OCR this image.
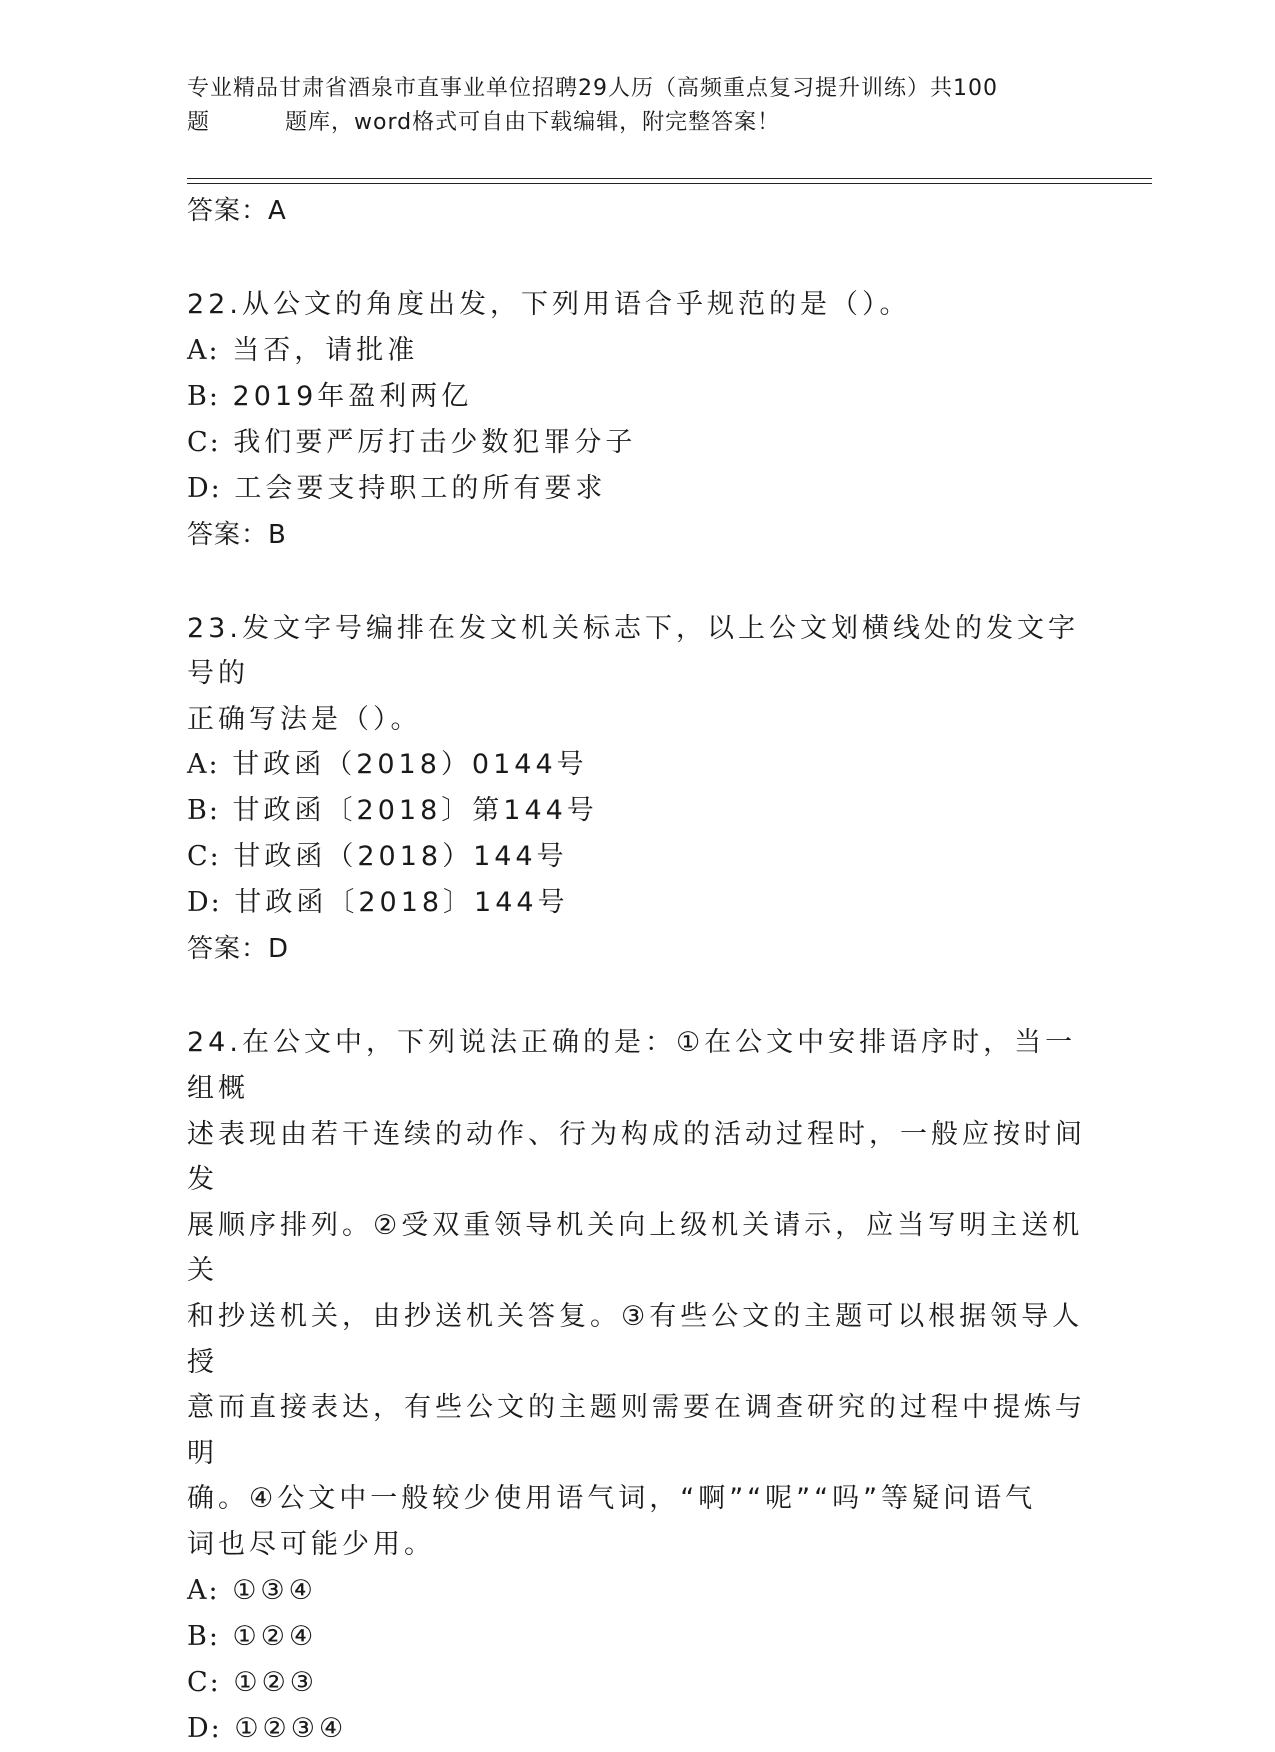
专业精品甘肃省酒泉市直事业单位招聘29人历（高频重点复习提升训练）共100
题	题库，word格式可自由下载编辑，附完整答案！
答案：A
22.从公文的角度出发，下列用语合乎规范的是（）。
A: 当否，请批准
B: 2019年盈利两亿
C: 我们要严厉打击少数犯罪分子
D: 工会要支持职工的所有要求
答案：B
23.发文字号编排在发文机关标志下，以上公文划横线处的发文字号的
正确写法是（）。
A: 甘政函（2018）0144号
B: 甘政函〔2018〕第144号
C: 甘政函（2018）144号
D: 甘政函〔2018〕144号
答案：D
24.在公文中，下列说法正确的是：①在公文中安排语序时，当一组概
述表现由若干连续的动作、行为构成的活动过程时，一般应按时间发
展顺序排列。②受双重领导机关向上级机关请示，应当写明主送机关
和抄送机关，由抄送机关答复。③有些公文的主题可以根据领导人授
意而直接表达，有些公文的主题则需要在调查研究的过程中提炼与明
确。④公文中一般较少使用语气词，“啊”“呢”“吗”等疑问语气
词也尽可能少用。
A: ①③④
B: ①②④
C: ①②③
D: ①②③④
